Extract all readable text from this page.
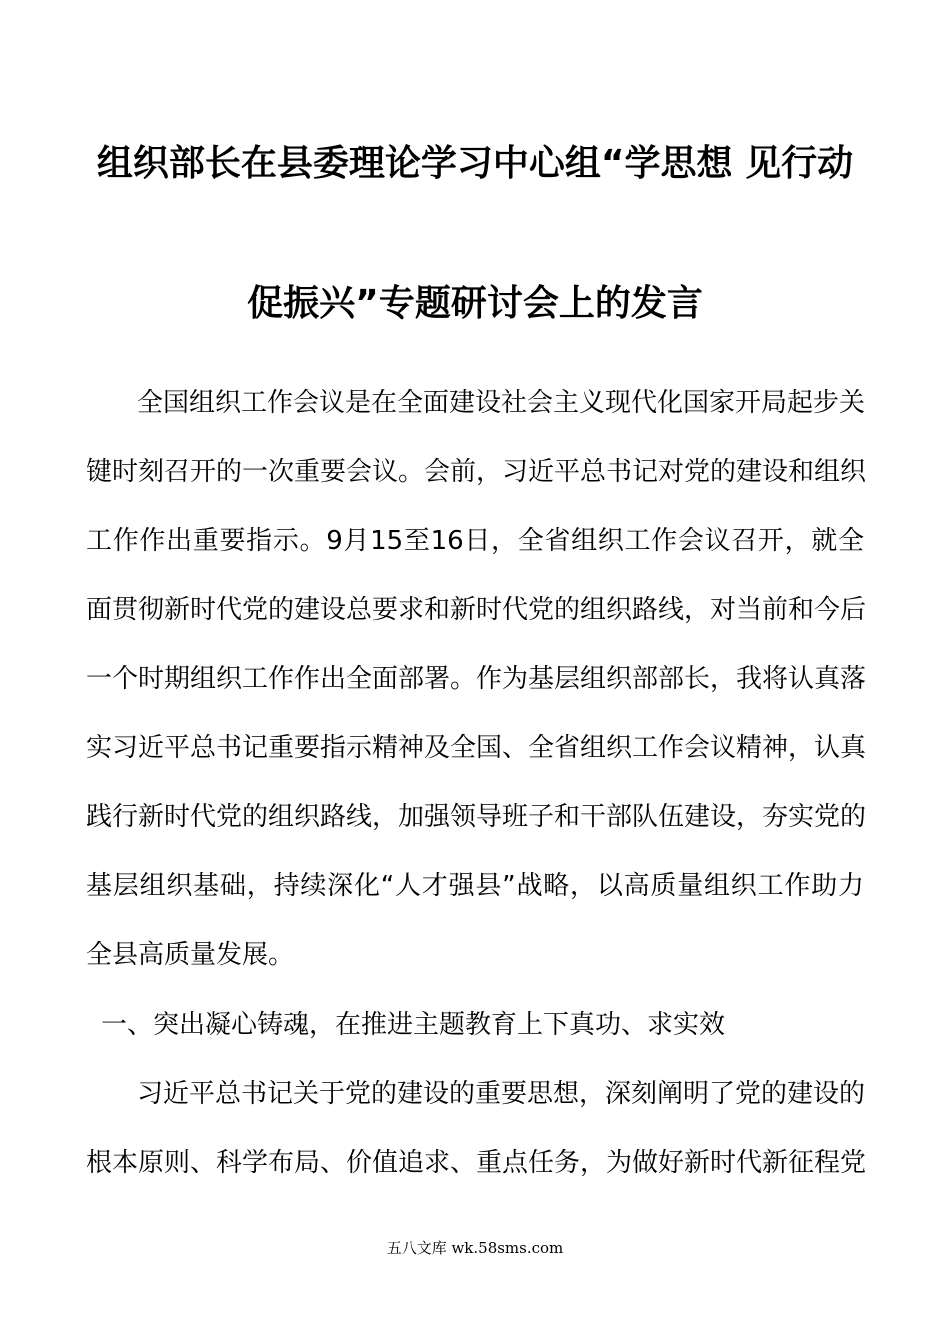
组织部长在县委理论学习中心组“学思想 见行动
促振兴”专题研讨会上的发言
全国组织工作会议是在全面建设社会主义现代化国家开局起步关
键时刻召开的一次重要会议。会前，习近平总书记对党的建设和组织
工作作出重要指示。9月15至16日，全省组织工作会议召开，就全
面贯彻新时代党的建设总要求和新时代党的组织路线，对当前和今后
一个时期组织工作作出全面部署。作为基层组织部部长，我将认真落
实习近平总书记重要指示精神及全国、全省组织工作会议精神，认真
践行新时代党的组织路线，加强领导班子和干部队伍建设，夯实党的
基层组织基础，持续深化“人才强县”战略，以高质量组织工作助力
全县高质量发展。
一、突出凝心铸魂，在推进主题教育上下真功、求实效
习近平总书记关于党的建设的重要思想，深刻阐明了党的建设的
根本原则、科学布局、价值追求、重点任务，为做好新时代新征程党
五八文库 wk.58sms.com
